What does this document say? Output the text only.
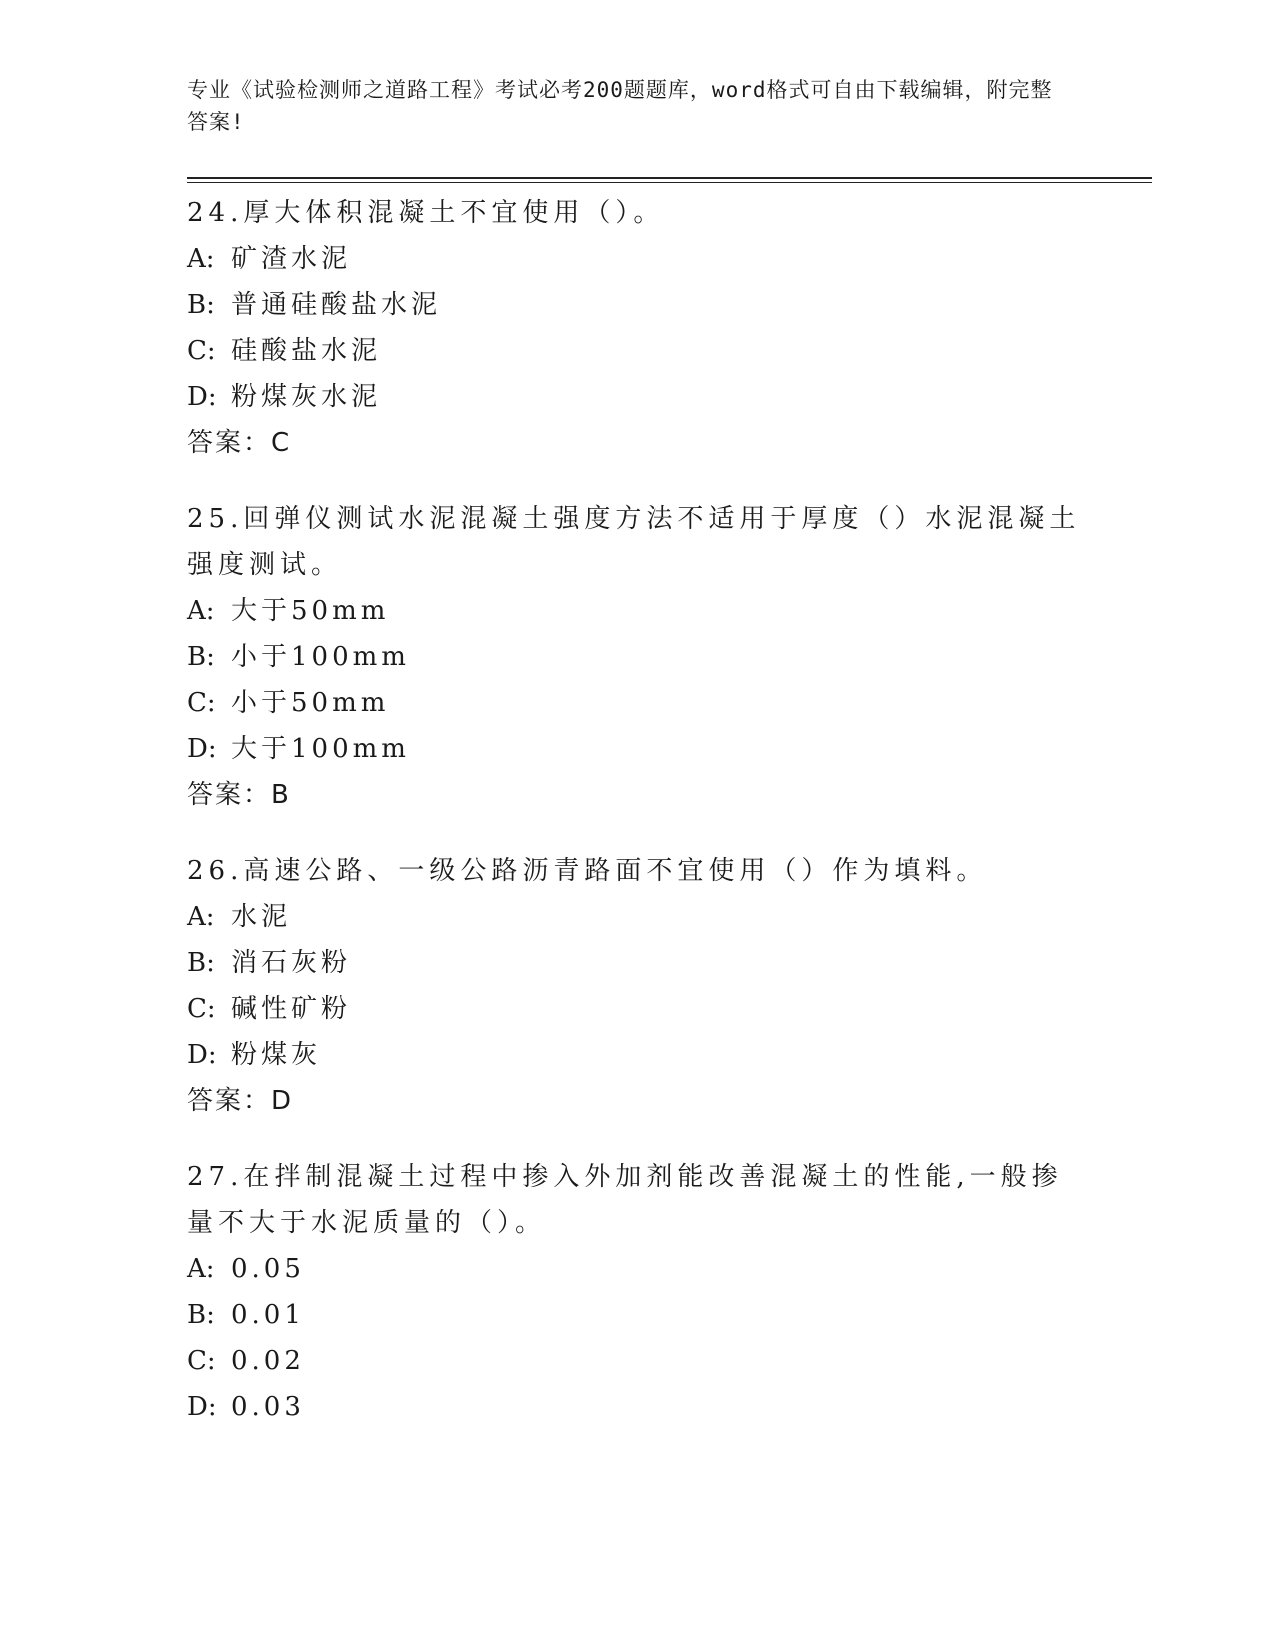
专业《试验检测师之道路工程》考试必考200题题库，word格式可自由下载编辑，附完整答案!
24.厚大体积混凝土不宜使用（）。
A: 矿渣水泥
B: 普通硅酸盐水泥
C: 硅酸盐水泥
D: 粉煤灰水泥
答案：C
25.回弹仪测试水泥混凝土强度方法不适用于厚度（）水泥混凝土强度测试。
A: 大于50mm
B: 小于100mm
C: 小于50mm
D: 大于100mm
答案：B
26.高速公路、一级公路沥青路面不宜使用（）作为填料。
A: 水泥
B: 消石灰粉
C: 碱性矿粉
D: 粉煤灰
答案：D
27.在拌制混凝土过程中掺入外加剂能改善混凝土的性能,一般掺量不大于水泥质量的（）。
A: 0.05
B: 0.01
C: 0.02
D: 0.03
